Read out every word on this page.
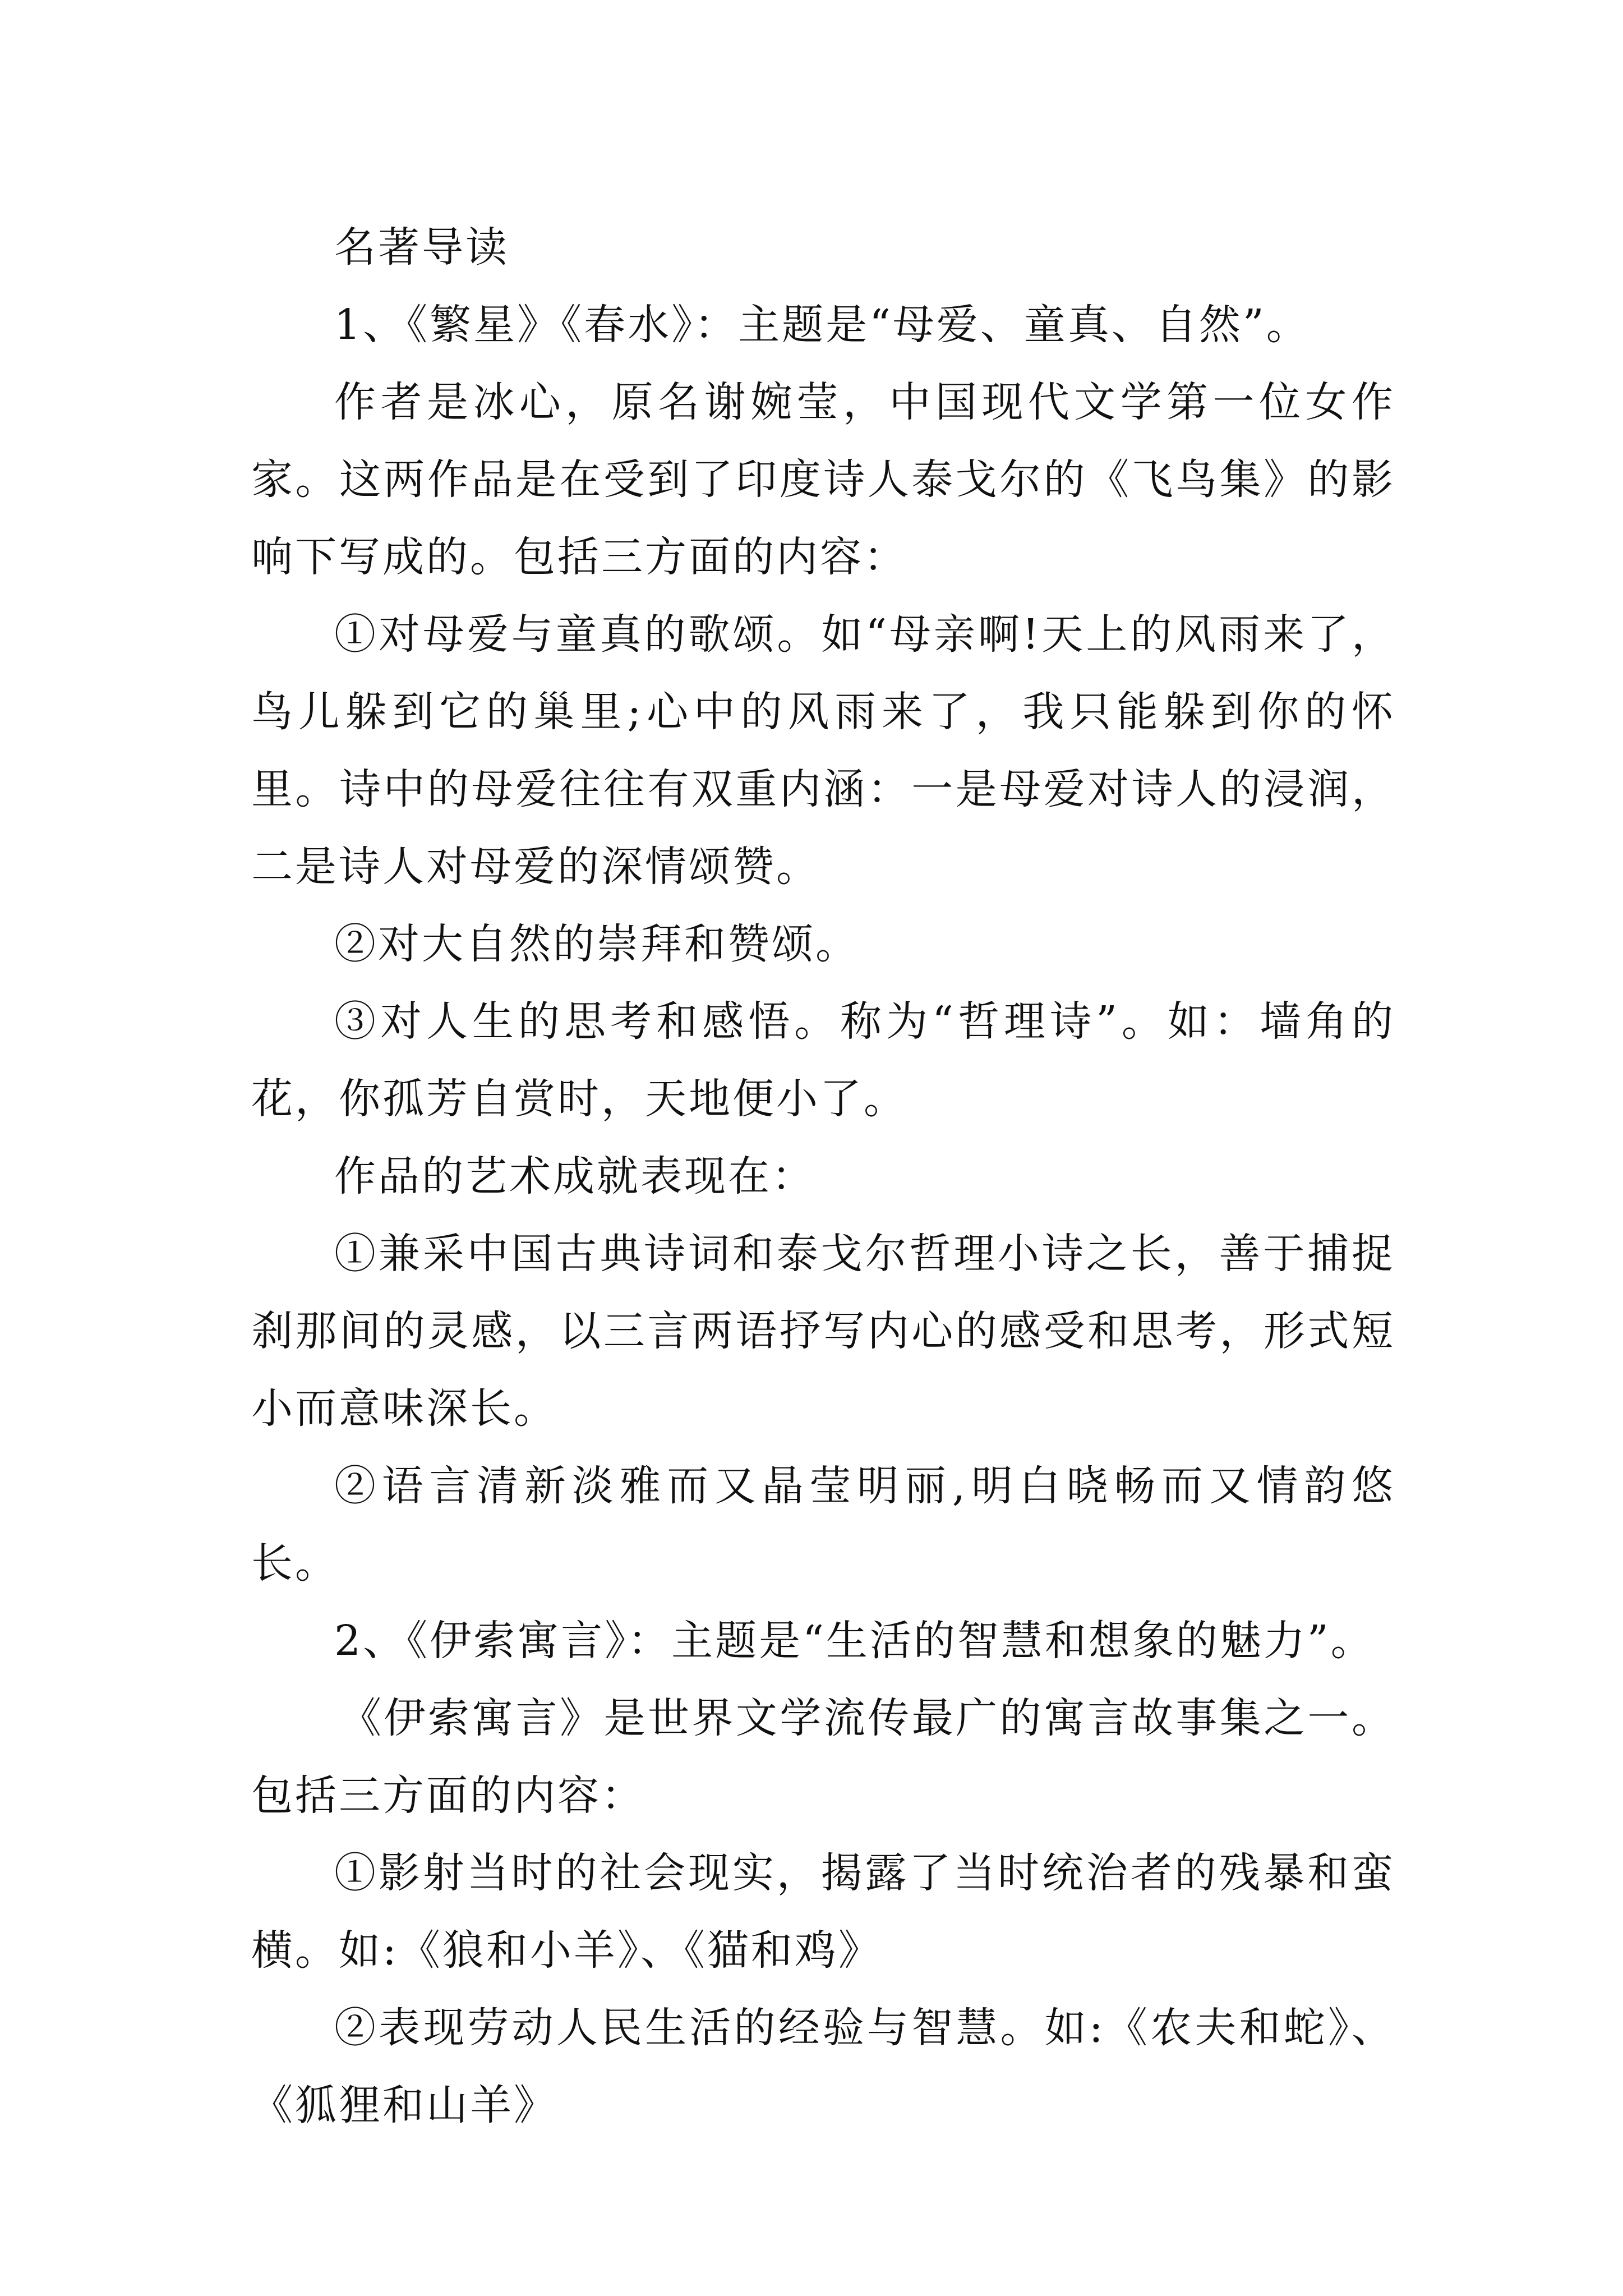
名著导读

1、《繁星》《春水》：主题是“母爱、童真、自然”。

作者是冰心，原名谢婉莹，中国现代文学第一位女作家。这两作品是在受到了印度诗人泰戈尔的《飞鸟集》的影响下写成的。包括三方面的内容：

①对母爱与童真的歌颂。如“母亲啊!天上的风雨来了，鸟儿躲到它的巢里;心中的风雨来了，我只能躲到你的怀里。诗中的母爱往往有双重内涵：一是母爱对诗人的浸润，二是诗人对母爱的深情颂赞。

②对大自然的崇拜和赞颂。

③对人生的思考和感悟。称为“哲理诗”。如：墙角的花，你孤芳自赏时，天地便小了。

作品的艺术成就表现在：

①兼采中国古典诗词和泰戈尔哲理小诗之长，善于捕捉刹那间的灵感，以三言两语抒写内心的感受和思考，形式短小而意味深长。

②语言清新淡雅而又晶莹明丽,明白晓畅而又情韵悠长。

2、《伊索寓言》：主题是“生活的智慧和想象的魅力”。

《伊索寓言》是世界文学流传最广的寓言故事集之一。包括三方面的内容：

①影射当时的社会现实，揭露了当时统治者的残暴和蛮横。如:《狼和小羊》、《猫和鸡》

②表现劳动人民生活的经验与智慧。如:《农夫和蛇》、《狐狸和山羊》
